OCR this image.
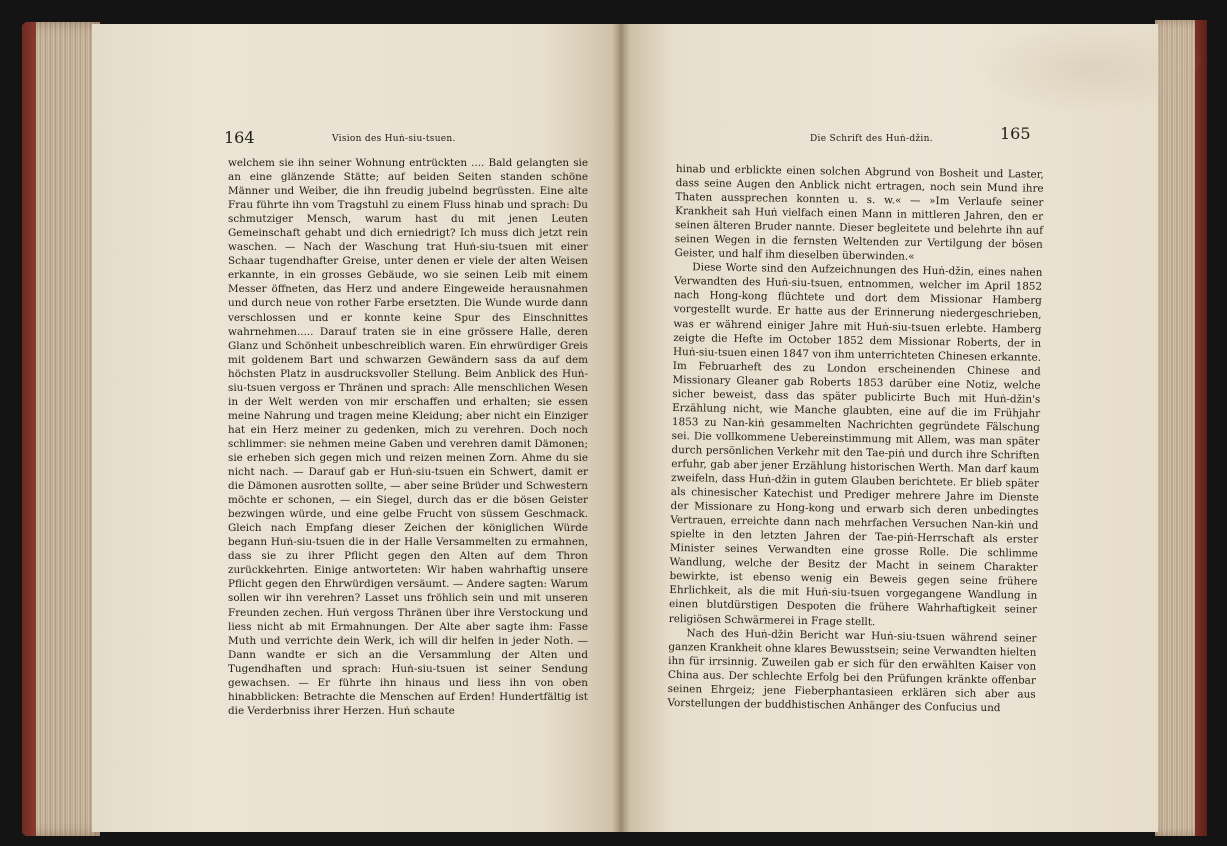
164	Vision des Huṅ-siu-tsuen.

welchem sie ihn seiner Wohnung entrückten .... Bald gelangten sie an eine glänzende Stätte; auf beiden Seiten standen schöne Männer und Weiber, die ihn freudig jubelnd begrüssten. Eine alte Frau führte ihn vom Tragstuhl zu einem Fluss hinab und sprach: Du schmutziger Mensch, warum hast du mit jenen Leuten Gemeinschaft gehabt und dich erniedrigt? Ich muss dich jetzt rein waschen. — Nach der Waschung trat Huṅ-siu-tsuen mit einer Schaar tugendhafter Greise, unter denen er viele der alten Weisen erkannte, in ein grosses Gebäude, wo sie seinen Leib mit einem Messer öffneten, das Herz und andere Eingeweide herausnahmen und durch neue von rother Farbe ersetzten. Die Wunde wurde dann verschlossen und er konnte keine Spur des Einschnittes wahrnehmen..... Darauf traten sie in eine grössere Halle, deren Glanz und Schönheit unbeschreiblich waren. Ein ehrwürdiger Greis mit goldenem Bart und schwarzen Gewändern sass da auf dem höchsten Platz in ausdrucksvoller Stellung. Beim Anblick des Huṅ-siu-tsuen vergoss er Thränen und sprach: Alle menschlichen Wesen in der Welt werden von mir erschaffen und erhalten; sie essen meine Nahrung und tragen meine Kleidung; aber nicht ein Einziger hat ein Herz meiner zu gedenken, mich zu verehren. Doch noch schlimmer: sie nehmen meine Gaben und verehren damit Dämonen; sie erheben sich gegen mich und reizen meinen Zorn. Ahme du sie nicht nach. — Darauf gab er Huṅ-siu-tsuen ein Schwert, damit er die Dämonen ausrotten sollte, — aber seine Brüder und Schwestern möchte er schonen, — ein Siegel, durch das er die bösen Geister bezwingen würde, und eine gelbe Frucht von süssem Geschmack. Gleich nach Empfang dieser Zeichen der königlichen Würde begann Huṅ-siu-tsuen die in der Halle Versammelten zu ermahnen, dass sie zu ihrer Pflicht gegen den Alten auf dem Thron zurückkehrten. Einige antworteten: Wir haben wahrhaftig unsere Pflicht gegen den Ehrwürdigen versäumt. — Andere sagten: Warum sollen wir ihn verehren? Lasset uns fröhlich sein und mit unseren Freunden zechen. Huṅ vergoss Thränen über ihre Verstockung und liess nicht ab mit Ermahnungen. Der Alte aber sagte ihm: Fasse Muth und verrichte dein Werk, ich will dir helfen in jeder Noth. — Dann wandte er sich an die Versammlung der Alten und Tugendhaften und sprach: Huṅ-siu-tsuen ist seiner Sendung gewachsen. — Er führte ihn hinaus und liess ihn von oben hinabblicken: Betrachte die Menschen auf Erden! Hundertfältig ist die Verderbniss ihrer Herzen. Huṅ schaute

Die Schrift des Huṅ-džin.	165

hinab und erblickte einen solchen Abgrund von Bosheit und Laster, dass seine Augen den Anblick nicht ertragen, noch sein Mund ihre Thaten aussprechen konnten u. s. w.« — »Im Verlaufe seiner Krankheit sah Huṅ vielfach einen Mann in mittleren Jahren, den er seinen älteren Bruder nannte. Dieser begleitete und belehrte ihn auf seinen Wegen in die fernsten Weltenden zur Vertilgung der bösen Geister, und half ihm dieselben überwinden.«

Diese Worte sind den Aufzeichnungen des Huṅ-džin, eines nahen Verwandten des Huṅ-siu-tsuen, entnommen, welcher im April 1852 nach Hong-kong flüchtete und dort dem Missionar Hamberg vorgestellt wurde. Er hatte aus der Erinnerung niedergeschrieben, was er während einiger Jahre mit Huṅ-siu-tsuen erlebte. Hamberg zeigte die Hefte im October 1852 dem Missionar Roberts, der in Huṅ-siu-tsuen einen 1847 von ihm unterrichteten Chinesen erkannte. Im Februarheft des zu London erscheinenden Chinese and Missionary Gleaner gab Roberts 1853 darüber eine Notiz, welche sicher beweist, dass das später publicirte Buch mit Huṅ-džin's Erzählung nicht, wie Manche glaubten, eine auf die im Frühjahr 1853 zu Nan-kiṅ gesammelten Nachrichten gegründete Fälschung sei. Die vollkommene Uebereinstimmung mit Allem, was man später durch persönlichen Verkehr mit den Tae-piṅ und durch ihre Schriften erfuhr, gab aber jener Erzählung historischen Werth. Man darf kaum zweifeln, dass Huṅ-džin in gutem Glauben berichtete. Er blieb später als chinesischer Katechist und Prediger mehrere Jahre im Dienste der Missionare zu Hong-kong und erwarb sich deren unbedingtes Vertrauen, erreichte dann nach mehrfachen Versuchen Nan-kiṅ und spielte in den letzten Jahren der Tae-piṅ-Herrschaft als erster Minister seines Verwandten eine grosse Rolle. Die schlimme Wandlung, welche der Besitz der Macht in seinem Charakter bewirkte, ist ebenso wenig ein Beweis gegen seine frühere Ehrlichkeit, als die mit Huṅ-siu-tsuen vorgegangene Wandlung in einen blutdürstigen Despoten die frühere Wahrhaftigkeit seiner religiösen Schwärmerei in Frage stellt.

Nach des Huṅ-džin Bericht war Huṅ-siu-tsuen während seiner ganzen Krankheit ohne klares Bewusstsein; seine Verwandten hielten ihn für irrsinnig. Zuweilen gab er sich für den erwählten Kaiser von China aus. Der schlechte Erfolg bei den Prüfungen kränkte offenbar seinen Ehrgeiz; jene Fieberphantasieen erklären sich aber aus Vorstellungen der buddhistischen Anhänger des Confucius und
